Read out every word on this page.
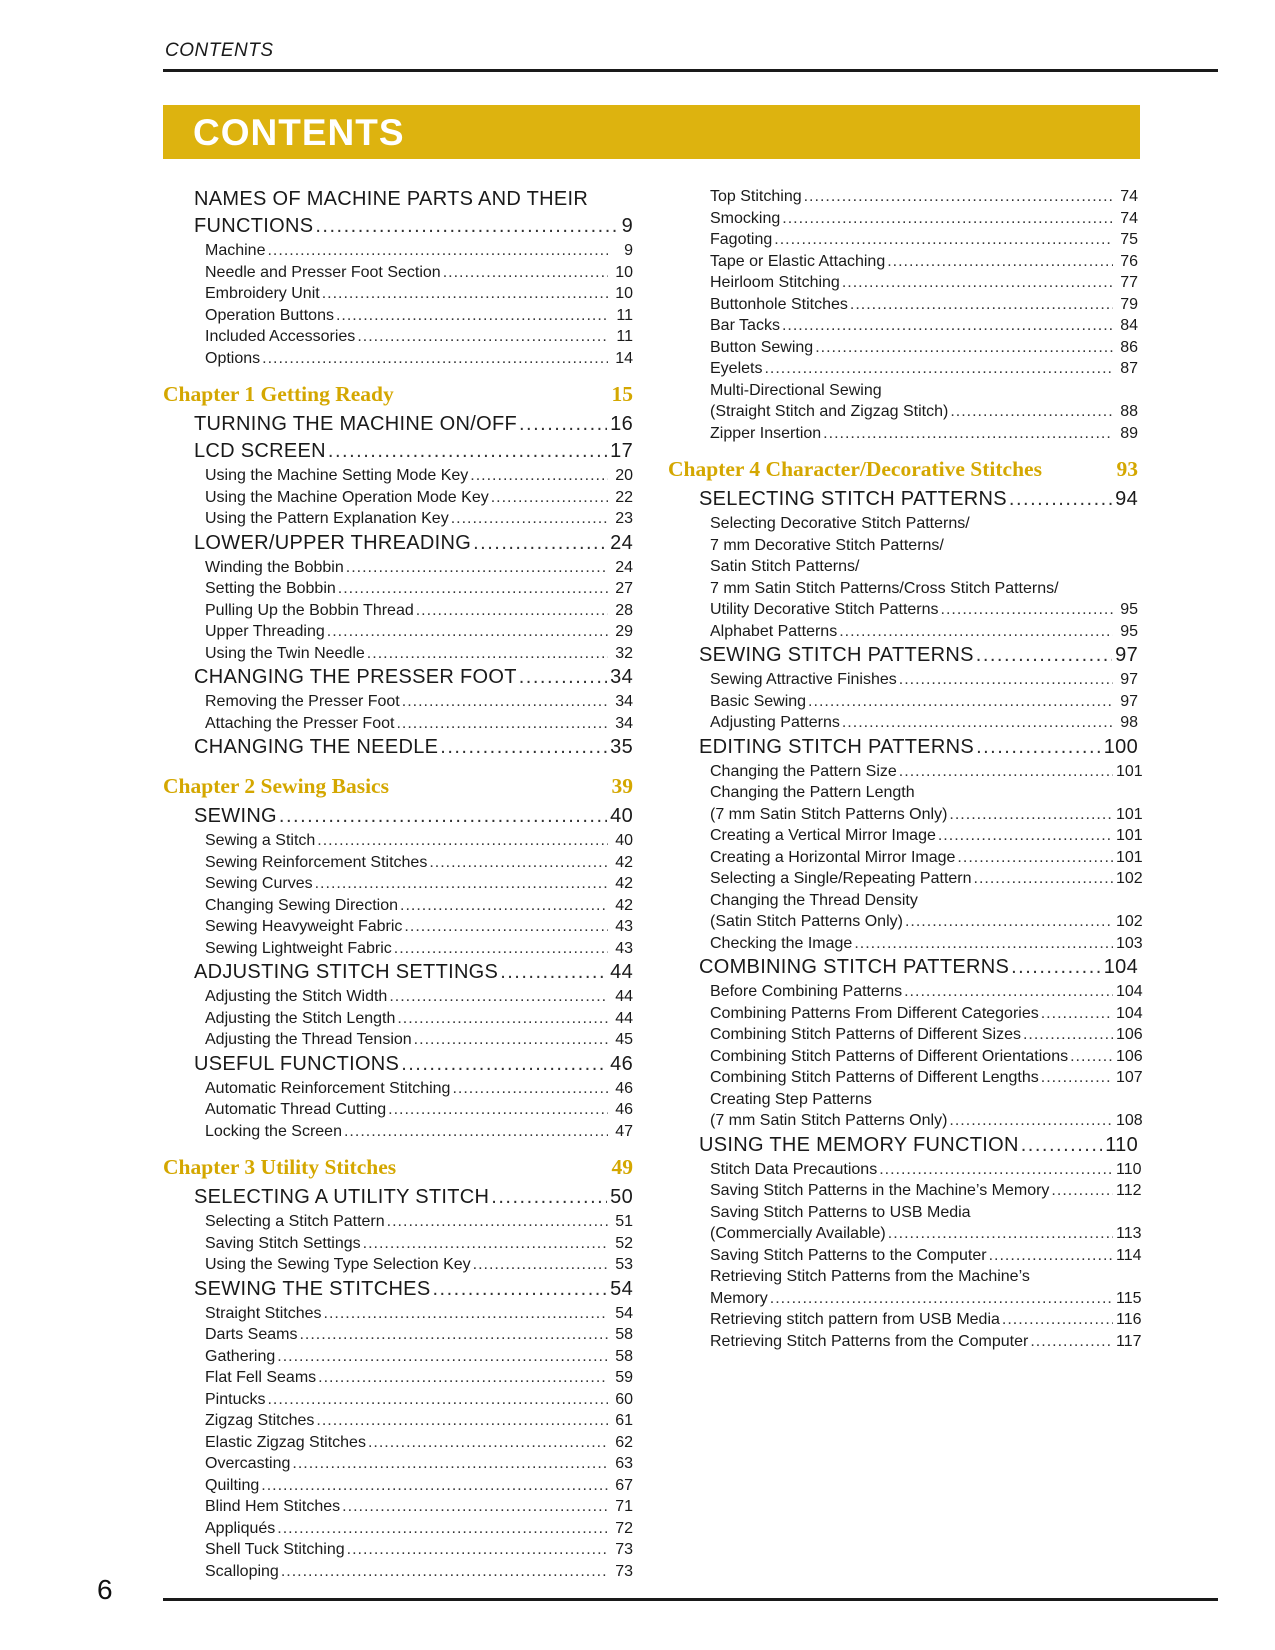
CONTENTS
CONTENTS
NAMES OF MACHINE PARTS AND THEIR
FUNCTIONS .....	9
Machine .....	9
Needle and Presser Foot Section .....	10
Embroidery Unit .....	10
Operation Buttons .....	11
Included Accessories .....	11
Options .....	14
Chapter 1 Getting Ready	15
TURNING THE MACHINE ON/OFF .....	16
LCD SCREEN .....	17
Using the Machine Setting Mode Key .....	20
Using the Machine Operation Mode Key .....	22
Using the Pattern Explanation Key .....	23
LOWER/UPPER THREADING .....	24
Winding the Bobbin .....	24
Setting the Bobbin .....	27
Pulling Up the Bobbin Thread .....	28
Upper Threading .....	29
Using the Twin Needle .....	32
CHANGING THE PRESSER FOOT .....	34
Removing the Presser Foot .....	34
Attaching the Presser Foot .....	34
CHANGING THE NEEDLE .....	35
Chapter 2 Sewing Basics	39
SEWING .....	40
Sewing a Stitch .....	40
Sewing Reinforcement Stitches .....	42
Sewing Curves .....	42
Changing Sewing Direction .....	42
Sewing Heavyweight Fabric .....	43
Sewing Lightweight Fabric .....	43
ADJUSTING STITCH SETTINGS .....	44
Adjusting the Stitch Width .....	44
Adjusting the Stitch Length .....	44
Adjusting the Thread Tension .....	45
USEFUL FUNCTIONS .....	46
Automatic Reinforcement Stitching .....	46
Automatic Thread Cutting .....	46
Locking the Screen .....	47
Chapter 3 Utility Stitches	49
SELECTING A UTILITY STITCH .....	50
Selecting a Stitch Pattern .....	51
Saving Stitch Settings .....	52
Using the Sewing Type Selection Key .....	53
SEWING THE STITCHES .....	54
Straight Stitches .....	54
Darts Seams .....	58
Gathering .....	58
Flat Fell Seams .....	59
Pintucks .....	60
Zigzag Stitches .....	61
Elastic Zigzag Stitches .....	62
Overcasting .....	63
Quilting .....	67
Blind Hem Stitches .....	71
Appliqués .....	72
Shell Tuck Stitching .....	73
Scalloping .....	73
Top Stitching .....	74
Smocking .....	74
Fagoting .....	75
Tape or Elastic Attaching .....	76
Heirloom Stitching .....	77
Buttonhole Stitches .....	79
Bar Tacks .....	84
Button Sewing .....	86
Eyelets .....	87
Multi-Directional Sewing
(Straight Stitch and Zigzag Stitch) .....	88
Zipper Insertion .....	89
Chapter 4 Character/Decorative Stitches	93
SELECTING STITCH PATTERNS .....	94
Selecting Decorative Stitch Patterns/
7 mm Decorative Stitch Patterns/
Satin Stitch Patterns/
7 mm Satin Stitch Patterns/Cross Stitch Patterns/
Utility Decorative Stitch Patterns .....	95
Alphabet Patterns .....	95
SEWING STITCH PATTERNS .....	97
Sewing Attractive Finishes .....	97
Basic Sewing .....	97
Adjusting Patterns .....	98
EDITING STITCH PATTERNS .....	100
Changing the Pattern Size .....	101
Changing the Pattern Length
(7 mm Satin Stitch Patterns Only) .....	101
Creating a Vertical Mirror Image .....	101
Creating a Horizontal Mirror Image .....	101
Selecting a Single/Repeating Pattern .....	102
Changing the Thread Density
(Satin Stitch Patterns Only) .....	102
Checking the Image .....	103
COMBINING STITCH PATTERNS .....	104
Before Combining Patterns .....	104
Combining Patterns From Different Categories .....	104
Combining Stitch Patterns of Different Sizes .....	106
Combining Stitch Patterns of Different Orientations .....	106
Combining Stitch Patterns of Different Lengths .....	107
Creating Step Patterns
(7 mm Satin Stitch Patterns Only) .....	108
USING THE MEMORY FUNCTION .....	110
Stitch Data Precautions .....	110
Saving Stitch Patterns in the Machine’s Memory .....	112
Saving Stitch Patterns to USB Media
(Commercially Available) .....	113
Saving Stitch Patterns to the Computer .....	114
Retrieving Stitch Patterns from the Machine’s
Memory .....	115
Retrieving stitch pattern from USB Media .....	116
Retrieving Stitch Patterns from the Computer .....	117
6
